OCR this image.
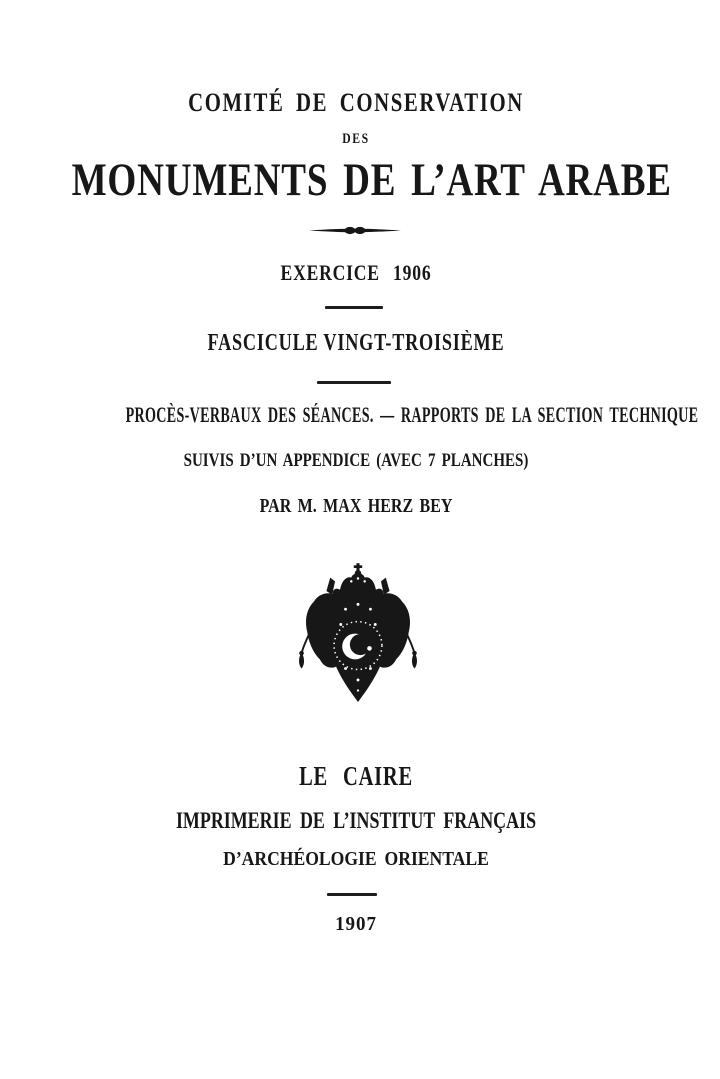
COMITÉ DE CONSERVATION
DES
MONUMENTS DE L’ART ARABE
EXERCICE 1906
FASCICULE VINGT-TROISIÈME
PROCÈS-VERBAUX DES SÉANCES. — RAPPORTS DE LA SECTION TECHNIQUE
SUIVIS D’UN APPENDICE (AVEC 7 PLANCHES)
PAR M. MAX HERZ BEY
LE CAIRE
IMPRIMERIE DE L’INSTITUT FRANÇAIS
D’ARCHÉOLOGIE ORIENTALE
1907
